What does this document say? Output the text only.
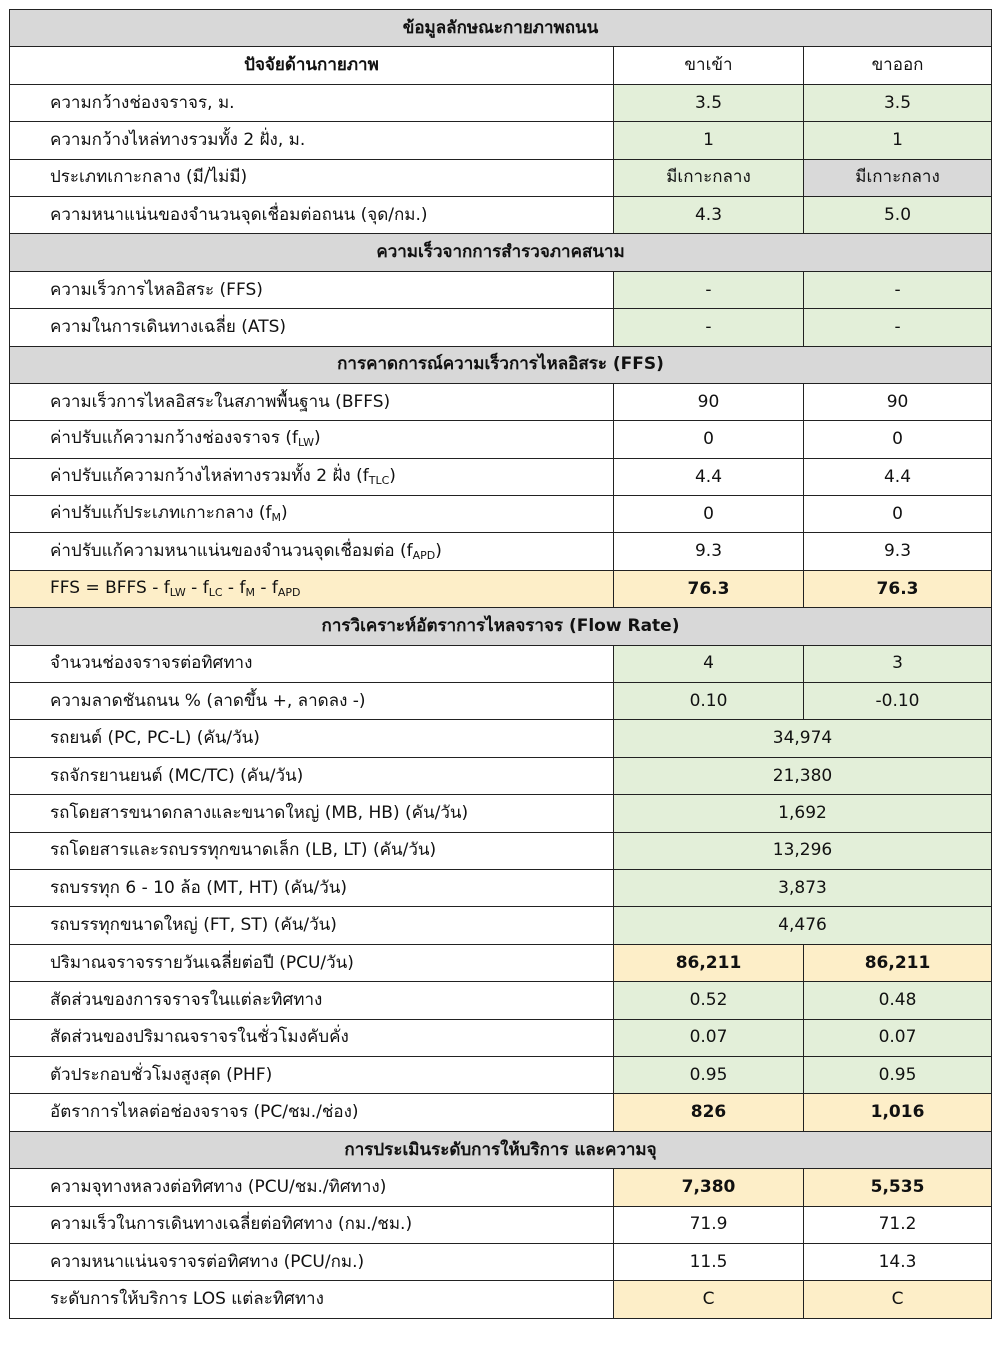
ข้อมูลลักษณะกายภาพถนน		
ปัจจัยด้านกายภาพ	ขาเข้า	ขาออก
ความกว้างช่องจราจร, ม.	3.5	3.5
ความกว้างไหล่ทางรวมทั้ง 2 ฝั่ง, ม.	1	1
ประเภทเกาะกลาง (มี/ไม่มี)	มีเกาะกลาง	มีเกาะกลาง
ความหนาแน่นของจำนวนจุดเชื่อมต่อถนน (จุด/กม.)	4.3	5.0
ความเร็วจากการสำรวจภาคสนาม		
ความเร็วการไหลอิสระ (FFS)	-	-
ความในการเดินทางเฉลี่ย (ATS)	-	-
การคาดการณ์ความเร็วการไหลอิสระ (FFS)		
ความเร็วการไหลอิสระในสภาพพื้นฐาน (BFFS)	90	90
ค่าปรับแก้ความกว้างช่องจราจร $(f_{LW})$	0	0
ค่าปรับแก้ความกว้างไหล่ทางรวมทั้ง 2 ฝั่ง $(f_{TLC})$	4.4	4.4
ค่าปรับแก้ประเภทเกาะกลาง $(f_M)$	0	0
ค่าปรับแก้ความหนาแน่นของจำนวนจุดเชื่อมต่อ $(f_{APD})$	9.3	9.3
FFS = BFFS - $f_{LW} - f_{LC} - f_M - f_{APD}$	76.3	76.3
การวิเคราะห์อัตราการไหลจราจร (Flow Rate)		
จำนวนช่องจราจรต่อทิศทาง	4	3
ความลาดชันถนน % (ลาดขึ้น +, ลาดลง -)	0.10	-0.10
รถยนต์ (PC, PC-L) (คัน/วัน)	34,974	
รถจักรยานยนต์ (MC/TC) (คัน/วัน)	21,380	
รถโดยสารขนาดกลางและขนาดใหญ่ (MB, HB) (คัน/วัน)	1,692	
รถโดยสารและรถบรรทุกขนาดเล็ก (LB, LT) (คัน/วัน)	13,296	
รถบรรทุก 6 - 10 ล้อ (MT, HT) (คัน/วัน)	3,873	
รถบรรทุกขนาดใหญ่ (FT, ST) (คัน/วัน)	4,476	
ปริมาณจราจรรายวันเฉลี่ยต่อปี (PCU/วัน)	86,211	86,211
สัดส่วนของการจราจรในแต่ละทิศทาง	0.52	0.48
สัดส่วนของปริมาณจราจรในชั่วโมงคับคั่ง	0.07	0.07
ตัวประกอบชั่วโมงสูงสุด (PHF)	0.95	0.95
อัตราการไหลต่อช่องจราจร (PC/ชม./ช่อง)	826	1,016
การประเมินระดับการให้บริการ และความจุ		
ความจุทางหลวงต่อทิศทาง (PCU/ชม./ทิศทาง)	7,380	5,535
ความเร็วในการเดินทางเฉลี่ยต่อทิศทาง (กม./ชม.)	71.9	71.2
ความหนาแน่นจราจรต่อทิศทาง (PCU/กม.)	11.5	14.3
ระดับการให้บริการ LOS แต่ละทิศทาง	C	C
